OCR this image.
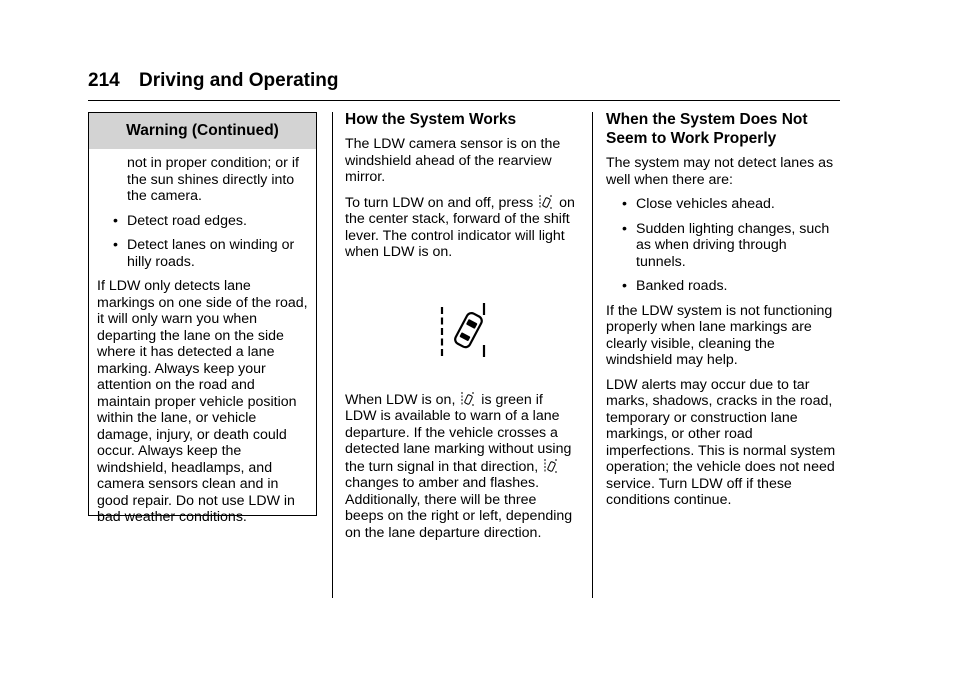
214 Driving and Operating
Warning (Continued)

not in proper condition; or if the sun shines directly into the camera.

• Detect road edges.
• Detect lanes on winding or hilly roads.

If LDW only detects lane markings on one side of the road, it will only warn you when departing the lane on the side where it has detected a lane marking. Always keep your attention on the road and maintain proper vehicle position within the lane, or vehicle damage, injury, or death could occur. Always keep the windshield, headlamps, and camera sensors clean and in good repair. Do not use LDW in bad weather conditions.

How the System Works

The LDW camera sensor is on the windshield ahead of the rearview mirror.

To turn LDW on and off, press on the center stack, forward of the shift lever. The control indicator will light when LDW is on.

When LDW is on, is green if LDW is available to warn of a lane departure. If the vehicle crosses a detected lane marking without using the turn signal in that direction,  changes to amber and flashes. Additionally, there will be three beeps on the right or left, depending on the lane departure direction.

When the System Does Not Seem to Work Properly

The system may not detect lanes as well when there are:

• Close vehicles ahead.
• Sudden lighting changes, such as when driving through tunnels.
• Banked roads.

If the LDW system is not functioning properly when lane markings are clearly visible, cleaning the windshield may help.

LDW alerts may occur due to tar marks, shadows, cracks in the road, temporary or construction lane markings, or other road imperfections. This is normal system operation; the vehicle does not need service. Turn LDW off if these conditions continue.
